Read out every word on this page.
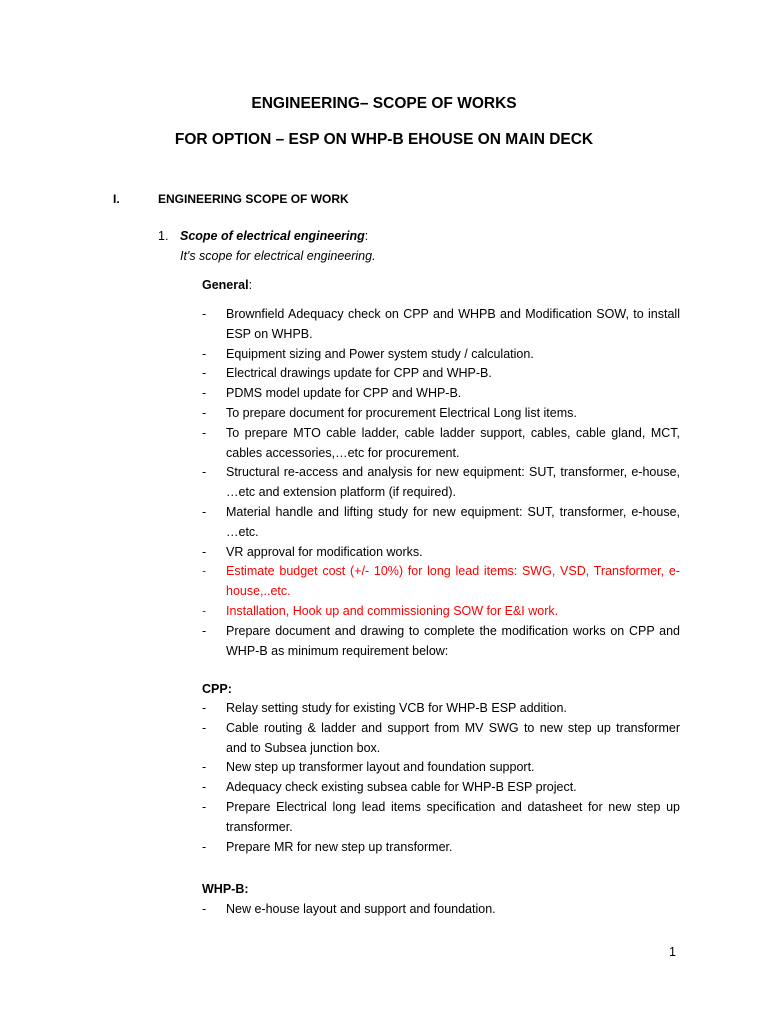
ENGINEERING– SCOPE OF WORKS
FOR OPTION – ESP ON WHP-B EHOUSE ON MAIN DECK
I.	ENGINEERING SCOPE OF WORK
1. Scope of electrical engineering:
It's scope for electrical engineering.
General:
- Brownfield Adequacy check on CPP and WHPB and Modification SOW, to install ESP on WHPB.
- Equipment sizing and Power system study / calculation.
- Electrical drawings update for CPP and WHP-B.
- PDMS model update for CPP and WHP-B.
- To prepare document for procurement Electrical Long list items.
- To prepare MTO cable ladder, cable ladder support, cables, cable gland, MCT, cables accessories,…etc for procurement.
- Structural re-access and analysis for new equipment: SUT, transformer, e-house, …etc and extension platform (if required).
- Material handle and lifting study for new equipment: SUT, transformer, e-house, …etc.
- VR approval for modification works.
- Estimate budget cost (+/- 10%) for long lead items: SWG, VSD, Transformer, e-house,..etc.
- Installation, Hook up and commissioning SOW for E&I work.
- Prepare document and drawing to complete the modification works on CPP and WHP-B as minimum requirement below:
CPP:
- Relay setting study for existing VCB for WHP-B ESP addition.
- Cable routing & ladder and support from MV SWG to new step up transformer and to Subsea junction box.
- New step up transformer layout and foundation support.
- Adequacy check existing subsea cable for WHP-B ESP project.
- Prepare Electrical long lead items specification and datasheet for new step up transformer.
- Prepare MR for new step up transformer.
WHP-B:
- New e-house layout and support and foundation.
1
